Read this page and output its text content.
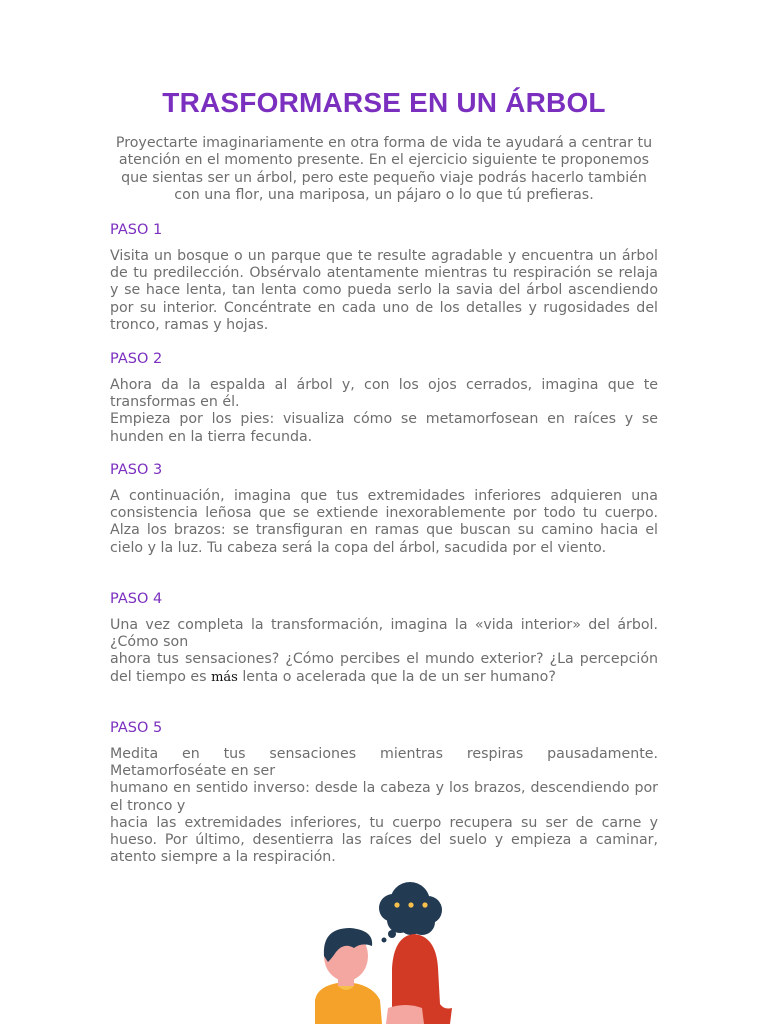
TRASFORMARSE EN UN ÁRBOL

Proyectarte imaginariamente en otra forma de vida te ayudará a centrar tu atención en el momento presente. En el ejercicio siguiente te proponemos que sientas ser un árbol, pero este pequeño viaje podrás hacerlo también con una flor, una mariposa, un pájaro o lo que tú prefieras.

PASO 1

Visita un bosque o un parque que te resulte agradable y encuentra un árbol de tu predilección. Obsérvalo atentamente mientras tu respiración se relaja y se hace lenta, tan lenta como pueda serlo la savia del árbol ascendiendo por su interior. Concéntrate en cada uno de los detalles y rugosidades del tronco, ramas y hojas.

PASO 2

Ahora da la espalda al árbol y, con los ojos cerrados, imagina que te transformas en él.
Empieza por los pies: visualiza cómo se metamorfosean en raíces y se hunden en la tierra fecunda.

PASO 3

A continuación, imagina que tus extremidades inferiores adquieren una consistencia leñosa que se extiende inexorablemente por todo tu cuerpo. Alza los brazos: se transfiguran en ramas que buscan su camino hacia el cielo y la luz. Tu cabeza será la copa del árbol, sacudida por el viento.

PASO 4

Una vez completa la transformación, imagina la «vida interior» del árbol. ¿Cómo son
ahora tus sensaciones? ¿Cómo percibes el mundo exterior? ¿La percepción del tiempo es más lenta o acelerada que la de un ser humano?

PASO 5

Medita en tus sensaciones mientras respiras pausadamente. Metamorfoséate en ser
humano en sentido inverso: desde la cabeza y los brazos, descendiendo por el tronco y
hacia las extremidades inferiores, tu cuerpo recupera su ser de carne y hueso. Por último, desentierra las raíces del suelo y empieza a caminar, atento siempre a la respiración.
